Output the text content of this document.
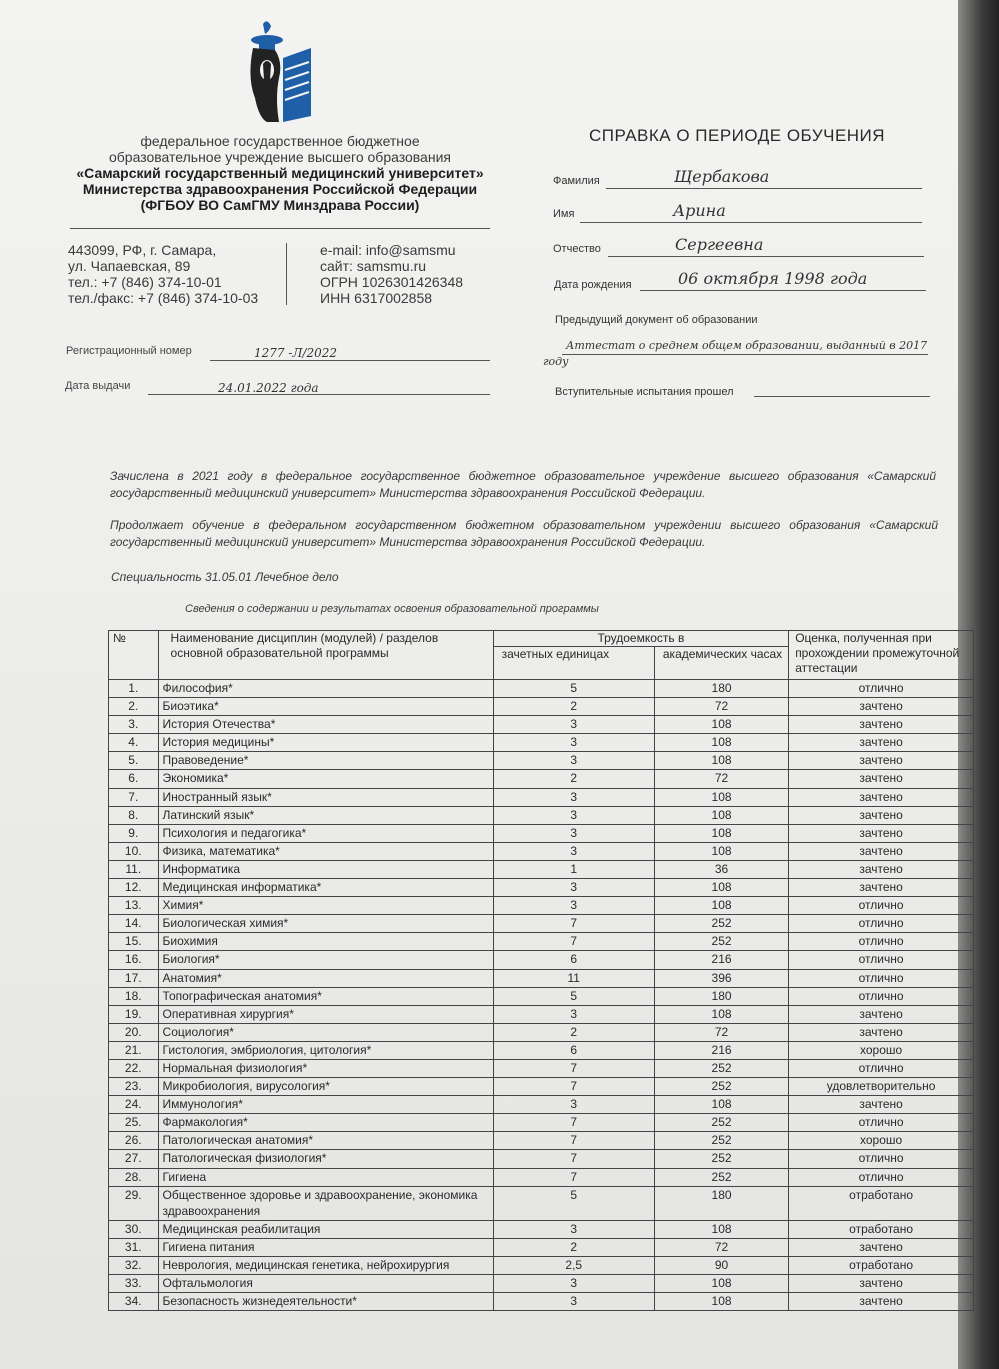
федеральное государственное бюджетное
образовательное учреждение высшего образования
«Самарский государственный медицинский университет»
Министерства здравоохранения Российской Федерации
(ФГБОУ ВО СамГМУ Минздрава России)
443099, РФ, г. Самара,
ул. Чапаевская, 89
тел.: +7 (846) 374-10-01
тел./факс: +7 (846) 374-10-03
e-mail: info@samsmu
сайт: samsmu.ru
ОГРН 1026301426348
ИНН 6317002858
Регистрационный номер	1277 -Л/2022
Дата выдачи	24.01.2022 года
СПРАВКА О ПЕРИОДЕ ОБУЧЕНИЯ
Фамилия	Щербакова
Имя	Арина
Отчество	Сергеевна
Дата рождения	06 октября 1998 года
Предыдущий документ об образовании
Аттестат о среднем общем образовании, выданный в 2017
году
Вступительные испытания прошел
Зачислена в 2021 году в федеральное государственное бюджетное образовательное учреждение высшего образования «Самарский государственный медицинский университет» Министерства здравоохранения Российской Федерации.
Продолжает обучение в федеральном государственном бюджетном образовательном учреждении высшего образования «Самарский государственный медицинский университет» Министерства здравоохранения Российской Федерации.
Специальность 31.05.01 Лечебное дело
Сведения о содержании и результатах освоения образовательной программы
№	Наименование дисциплин (модулей) / разделов основной образовательной программы	Трудоемкость в		Оценка, полученная при прохождении промежуточной аттестации
		зачетных единицах	академических часах	
1.	Философия*	5	180	отлично
2.	Биоэтика*	2	72	зачтено
3.	История Отечества*	3	108	зачтено
4.	История медицины*	3	108	зачтено
5.	Правоведение*	3	108	зачтено
6.	Экономика*	2	72	зачтено
7.	Иностранный язык*	3	108	зачтено
8.	Латинский язык*	3	108	зачтено
9.	Психология и педагогика*	3	108	зачтено
10.	Физика, математика*	3	108	зачтено
11.	Информатика	1	36	зачтено
12.	Медицинская информатика*	3	108	зачтено
13.	Химия*	3	108	отлично
14.	Биологическая химия*	7	252	отлично
15.	Биохимия	7	252	отлично
16.	Биология*	6	216	отлично
17.	Анатомия*	11	396	отлично
18.	Топографическая анатомия*	5	180	отлично
19.	Оперативная хирургия*	3	108	зачтено
20.	Социология*	2	72	зачтено
21.	Гистология, эмбриология, цитология*	6	216	хорошо
22.	Нормальная физиология*	7	252	отлично
23.	Микробиология, вирусология*	7	252	удовлетворительно
24.	Иммунология*	3	108	зачтено
25.	Фармакология*	7	252	отлично
26.	Патологическая анатомия*	7	252	хорошо
27.	Патологическая физиология*	7	252	отлично
28.	Гигиена	7	252	отлично
29.	Общественное здоровье и здравоохранение, экономика здравоохранения	5	180	отработано
30.	Медицинская реабилитация	3	108	отработано
31.	Гигиена питания	2	72	зачтено
32.	Неврология, медицинская генетика, нейрохирургия	2,5	90	отработано
33.	Офтальмология	3	108	зачтено
34.	Безопасность жизнедеятельности*	3	108	зачтено
